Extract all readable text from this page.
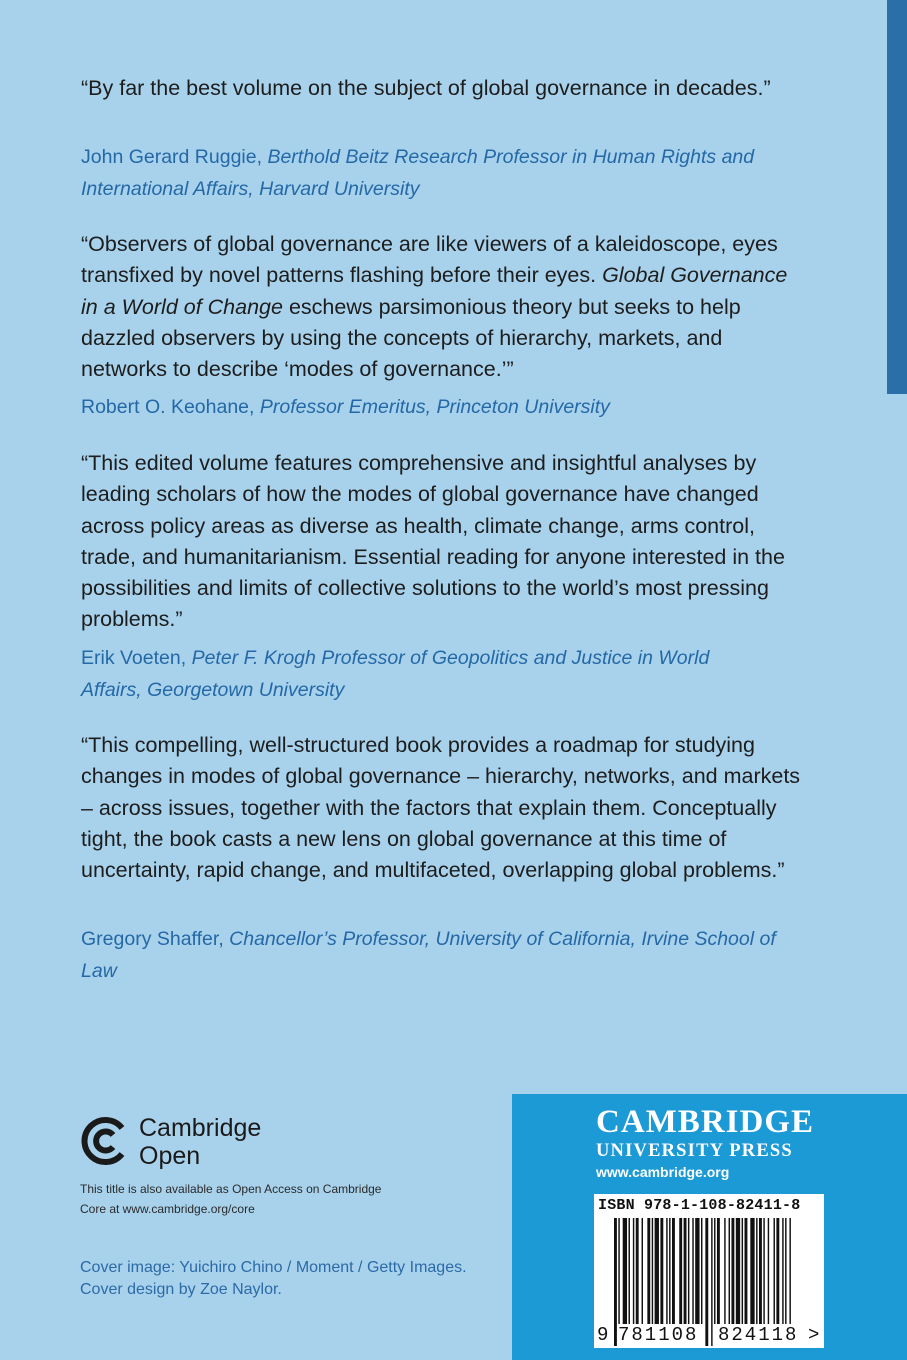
“By far the best volume on the subject of global governance in decades.”
John Gerard Ruggie, Berthold Beitz Research Professor in Human Rights and International Affairs, Harvard University
“Observers of global governance are like viewers of a kaleidoscope, eyes transfixed by novel patterns flashing before their eyes. Global Governance in a World of Change eschews parsimonious theory but seeks to help dazzled observers by using the concepts of hierarchy, markets, and networks to describe ‘modes of governance.’”
Robert O. Keohane, Professor Emeritus, Princeton University
“This edited volume features comprehensive and insightful analyses by leading scholars of how the modes of global governance have changed across policy areas as diverse as health, climate change, arms control, trade, and humanitarianism. Essential reading for anyone interested in the possibilities and limits of collective solutions to the world’s most pressing problems.”
Erik Voeten, Peter F. Krogh Professor of Geopolitics and Justice in World Affairs, Georgetown University
“This compelling, well-structured book provides a roadmap for studying changes in modes of global governance – hierarchy, networks, and markets – across issues, together with the factors that explain them. Conceptually tight, the book casts a new lens on global governance at this time of uncertainty, rapid change, and multifaceted, overlapping global problems.”
Gregory Shaffer, Chancellor’s Professor, University of California, Irvine School of Law
Cambridge
Open
This title is also available as Open Access on Cambridge Core at www.cambridge.org/core
Cover image: Yuichiro Chino / Moment / Getty Images.
Cover design by Zoe Naylor.
CAMBRIDGE
UNIVERSITY PRESS
www.cambridge.org
ISBN 978-1-108-82411-8
9 781108 824118 >
